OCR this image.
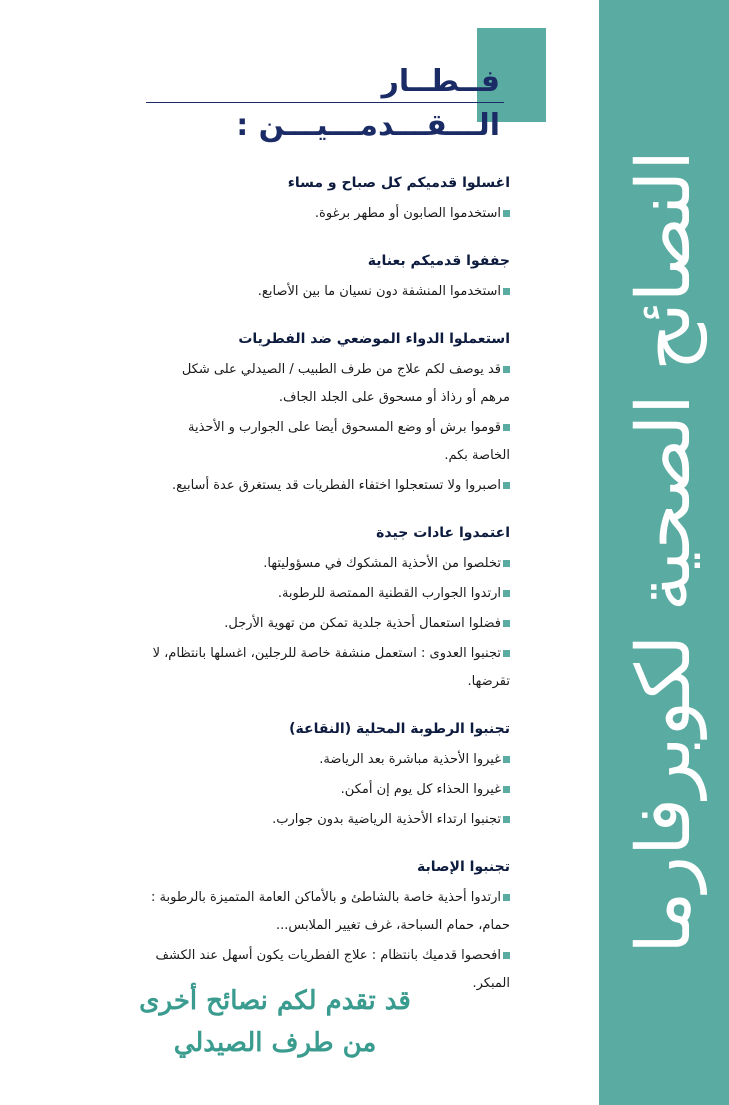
النصائح الصحية لكوبرفارما
فــطــار الـــقـــدمـــيـــن :
اغسلوا قدميكم كل صباح و مساء
استخدموا الصابون أو مطهر برغوة.
جففوا قدميكم بعناية
استخدموا المنشفة دون نسيان ما بين الأصابع.
استعملوا الدواء الموضعي ضد الفطريات
قد يوصف لكم علاج من طرف الطبيب / الصيدلي على شكل مرهم أو رذاذ أو مسحوق على الجلد الجاف.
قوموا برش أو وضع المسحوق أيضا على الجوارب و الأحذية الخاصة بكم.
اصبروا ولا تستعجلوا اختفاء الفطريات قد يستغرق عدة أسابيع.
اعتمدوا عادات جيدة
تخلصوا من الأحذية المشكوك في مسؤوليتها.
ارتدوا الجوارب القطنية الممتصة للرطوبة.
فضلوا استعمال أحذية جلدية تمكن من تهوية الأرجل.
تجنبوا العدوى : استعمل منشفة خاصة للرجلين، اغسلها بانتظام، لا تقرضها.
تجنبوا الرطوبة المحلية (النقاعة)
غيروا الأحذية مباشرة بعد الرياضة.
غيروا الحذاء كل يوم إن أمكن.
تجنبوا ارتداء الأحذية الرياضية بدون جوارب.
تجنبوا الإصابة
ارتدوا أحذية خاصة بالشاطئ و بالأماكن العامة المتميزة بالرطوبة : حمام، حمام السباحة، غرف تغيير الملابس...
افحصوا قدميك بانتظام : علاج الفطريات يكون أسهل عند الكشف المبكر.
قد تقدم لكم نصائح أخرى
من طرف الصيدلي
